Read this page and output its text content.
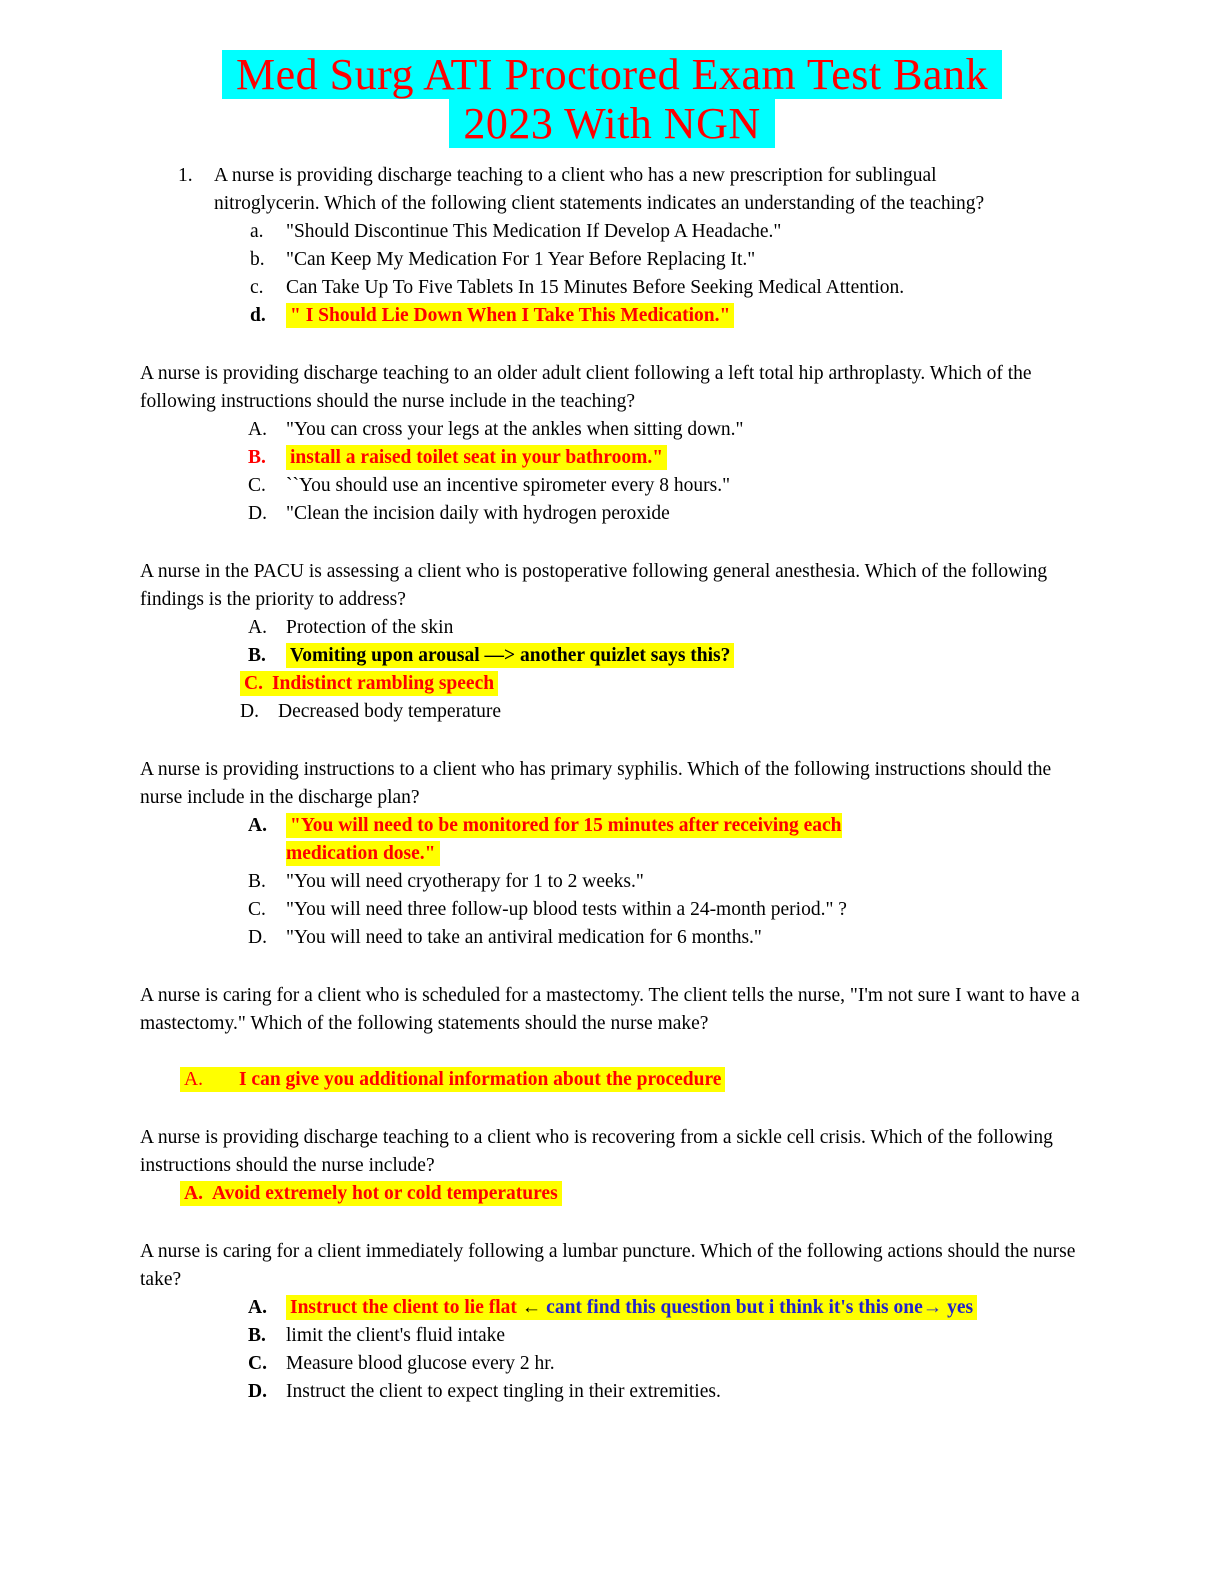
Med Surg ATI Proctored Exam Test Bank
2023 With NGN
1.	A nurse is providing discharge teaching to a client who has a new prescription for sublingual nitroglycerin. Which of the following client statements indicates an understanding of the teaching?
a.	"Should Discontinue This Medication If Develop A Headache."
b.	"Can Keep My Medication For 1 Year Before Replacing It."
c.	Can Take Up To Five Tablets In 15 Minutes Before Seeking Medical Attention.
d.	" I Should Lie Down When I Take This Medication."
A nurse is providing discharge teaching to an older adult client following a left total hip arthroplasty. Which of the following instructions should the nurse include in the teaching?
A. "You can cross your legs at the ankles when sitting down."
B.	install a raised toilet seat in your bathroom."
C.	``You should use an incentive spirometer every 8 hours."
D. "Clean the incision daily with hydrogen peroxide
A nurse in the PACU is assessing a client who is postoperative following general anesthesia. Which of the following findings is the priority to address?
A. Protection of the skin
B.	Vomiting upon arousal —> another quizlet says this?
C. Indistinct rambling speech
D. Decreased body temperature
A nurse is providing instructions to a client who has primary syphilis. Which of the following instructions should the nurse include in the discharge plan?
A.	"You will need to be monitored for 15 minutes after receiving each medication dose."
B.	"You will need cryotherapy for 1 to 2 weeks."
C.	"You will need three follow-up blood tests within a 24-month period." ?
D. "You will need to take an antiviral medication for 6 months."
A nurse is caring for a client who is scheduled for a mastectomy. The client tells the nurse, "I'm not sure I want to have a mastectomy." Which of the following statements should the nurse make?
A. I can give you additional information about the procedure
A nurse is providing discharge teaching to a client who is recovering from a sickle cell crisis. Which of the following instructions should the nurse include?
A. Avoid extremely hot or cold temperatures
A nurse is caring for a client immediately following a lumbar puncture. Which of the following actions should the nurse take?
A.	Instruct the client to lie flat ← cant find this question but i think it's this one→ yes
B.	limit the client's fluid intake
C. Measure blood glucose every 2 hr.
D. Instruct the client to expect tingling in their extremities.
